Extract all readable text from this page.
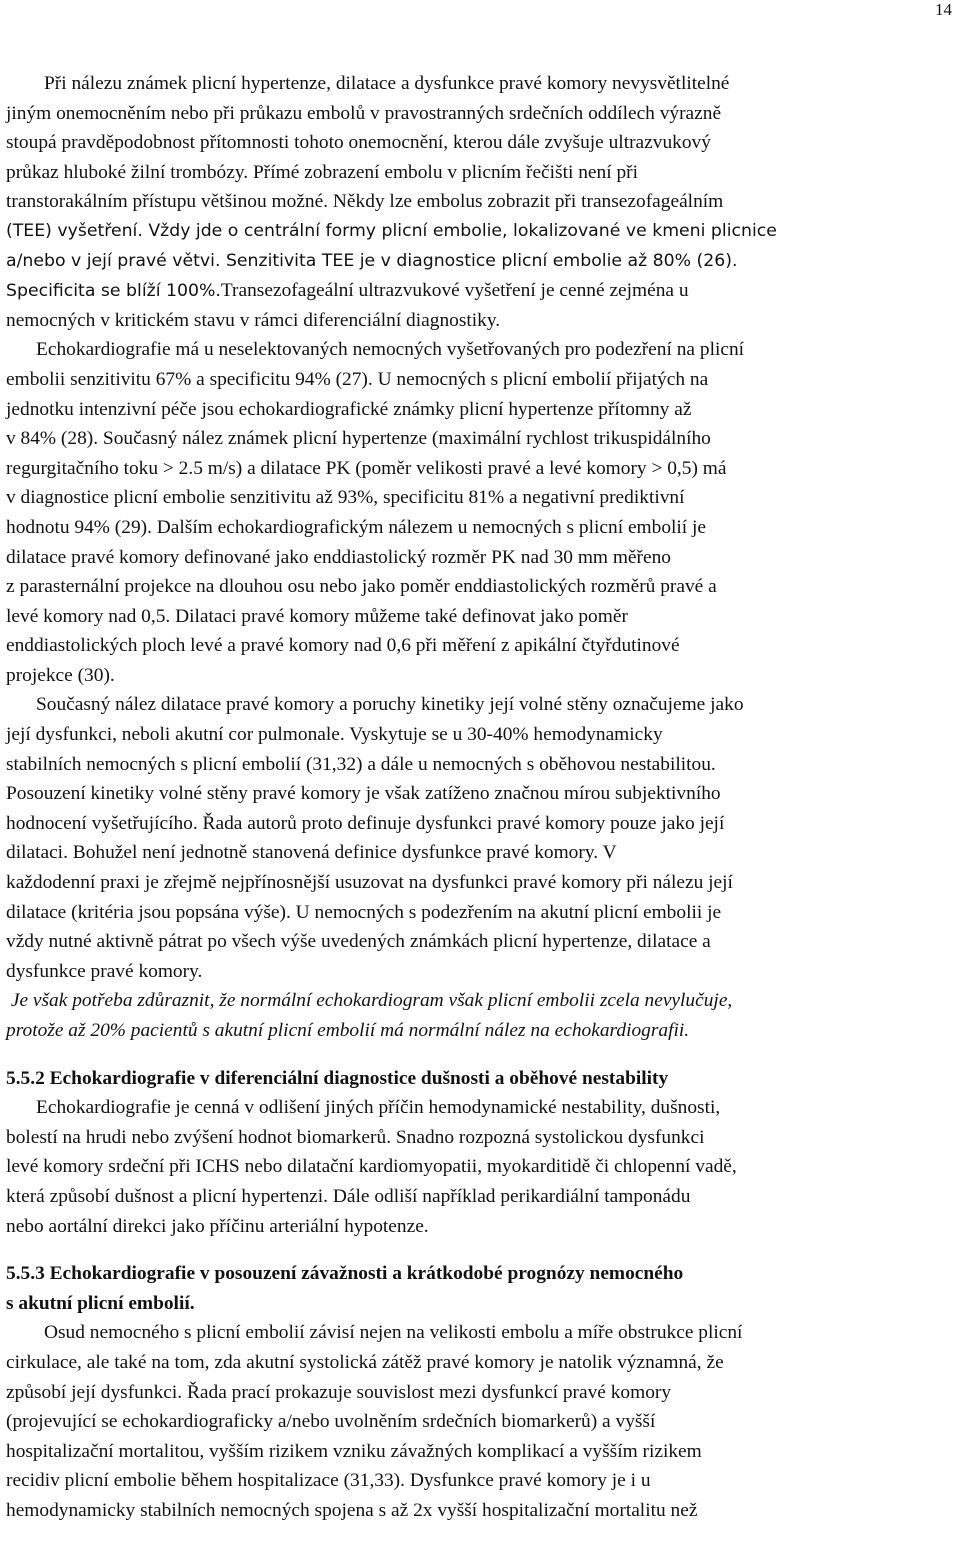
14
Při nálezu známek plicní hypertenze, dilatace a dysfunkce pravé komory nevysvětlitelné
jiným onemocněním nebo při průkazu embolů v pravostranných srdečních oddílech výrazně
stoupá pravděpodobnost přítomnosti tohoto onemocnění, kterou dále zvyšuje ultrazvukový
průkaz hluboké žilní trombózy. Přímé zobrazení embolu v plicním řečišti není při
transtorakálním přístupu většinou možné. Někdy lze embolus zobrazit při transezofageálním
(TEE) vyšetření. Vždy jde o centrální formy plicní embolie, lokalizované ve kmeni plicnice
a/nebo v její pravé větvi. Senzitivita TEE je v diagnostice plicní embolie až 80% (26).
Specificita se blíží 100%.Transezofageální ultrazvukové vyšetření je cenné zejména u
nemocných v kritickém stavu v rámci diferenciální diagnostiky.
Echokardiografie má u neselektovaných nemocných vyšetřovaných pro podezření na plicní
embolii senzitivitu 67% a specificitu 94% (27). U nemocných s plicní embolií přijatých na
jednotku intenzivní péče jsou echokardiografické známky plicní hypertenze přítomny až
v 84% (28). Současný nález známek plicní hypertenze (maximální rychlost trikuspidálního
regurgitačního toku > 2.5 m/s) a dilatace PK (poměr velikosti pravé a levé komory > 0,5) má
v diagnostice plicní embolie senzitivitu až 93%, specificitu 81% a negativní prediktivní
hodnotu 94% (29). Dalším echokardiografickým nálezem u nemocných s plicní embolií je
dilatace pravé komory definované jako enddiastolický rozměr PK nad 30 mm měřeno
z parasternální projekce na dlouhou osu nebo jako poměr enddiastolických rozměrů pravé a
levé komory nad 0,5. Dilataci pravé komory můžeme také definovat jako poměr
enddiastolických ploch levé a pravé komory nad 0,6 při měření z apikální čtyřdutinové
projekce (30).
Současný nález dilatace pravé komory a poruchy kinetiky její volné stěny označujeme jako
její dysfunkci, neboli akutní cor pulmonale. Vyskytuje se u 30-40% hemodynamicky
stabilních nemocných s plicní embolií (31,32) a dále u nemocných s oběhovou nestabilitou.
Posouzení kinetiky volné stěny pravé komory je však zatíženo značnou mírou subjektivního
hodnocení vyšetřujícího. Řada autorů proto definuje dysfunkci pravé komory pouze jako její
dilataci. Bohužel není jednotně stanovená definice dysfunkce pravé komory. V
každodenní praxi je zřejmě nejpřínosnější usuzovat na dysfunkci pravé komory při nálezu její
dilatace (kritéria jsou popsána výše). U nemocných s podezřením na akutní plicní embolii je
vždy nutné aktivně pátrat po všech výše uvedených známkách plicní hypertenze, dilatace a
dysfunkce pravé komory.
Je však potřeba zdůraznit, že normální echokardiogram však plicní embolii zcela nevylučuje,
protože až 20% pacientů s akutní plicní embolií má normální nález na echokardiografii.
5.5.2 Echokardiografie v diferenciální diagnostice dušnosti a oběhové nestability
Echokardiografie je cenná v odlišení jiných příčin hemodynamické nestability, dušnosti,
bolestí na hrudi nebo zvýšení hodnot biomarkerů. Snadno rozpozná systolickou dysfunkci
levé komory srdeční při ICHS nebo dilatační kardiomyopatii, myokarditidě či chlopenní vadě,
která způsobí dušnost a plicní hypertenzi. Dále odliší například perikardiální tamponádu
nebo aortální direkci jako příčinu arteriální hypotenze.
5.5.3 Echokardiografie v posouzení závažnosti a krátkodobé prognózy nemocného
s akutní plicní embolií.
Osud nemocného s plicní embolií závisí nejen na velikosti embolu a míře obstrukce plicní
cirkulace, ale také na tom, zda akutní systolická zátěž pravé komory je natolik významná, že
způsobí její dysfunkci. Řada prací prokazuje souvislost mezi dysfunkcí pravé komory
(projevující se echokardiograficky a/nebo uvolněním srdečních biomarkerů) a vyšší
hospitalizační mortalitou, vyšším rizikem vzniku závažných komplikací a vyšším rizikem
recidiv plicní embolie během hospitalizace (31,33). Dysfunkce pravé komory je i u
hemodynamicky stabilních nemocných spojena s až 2x vyšší hospitalizační mortalitu než
